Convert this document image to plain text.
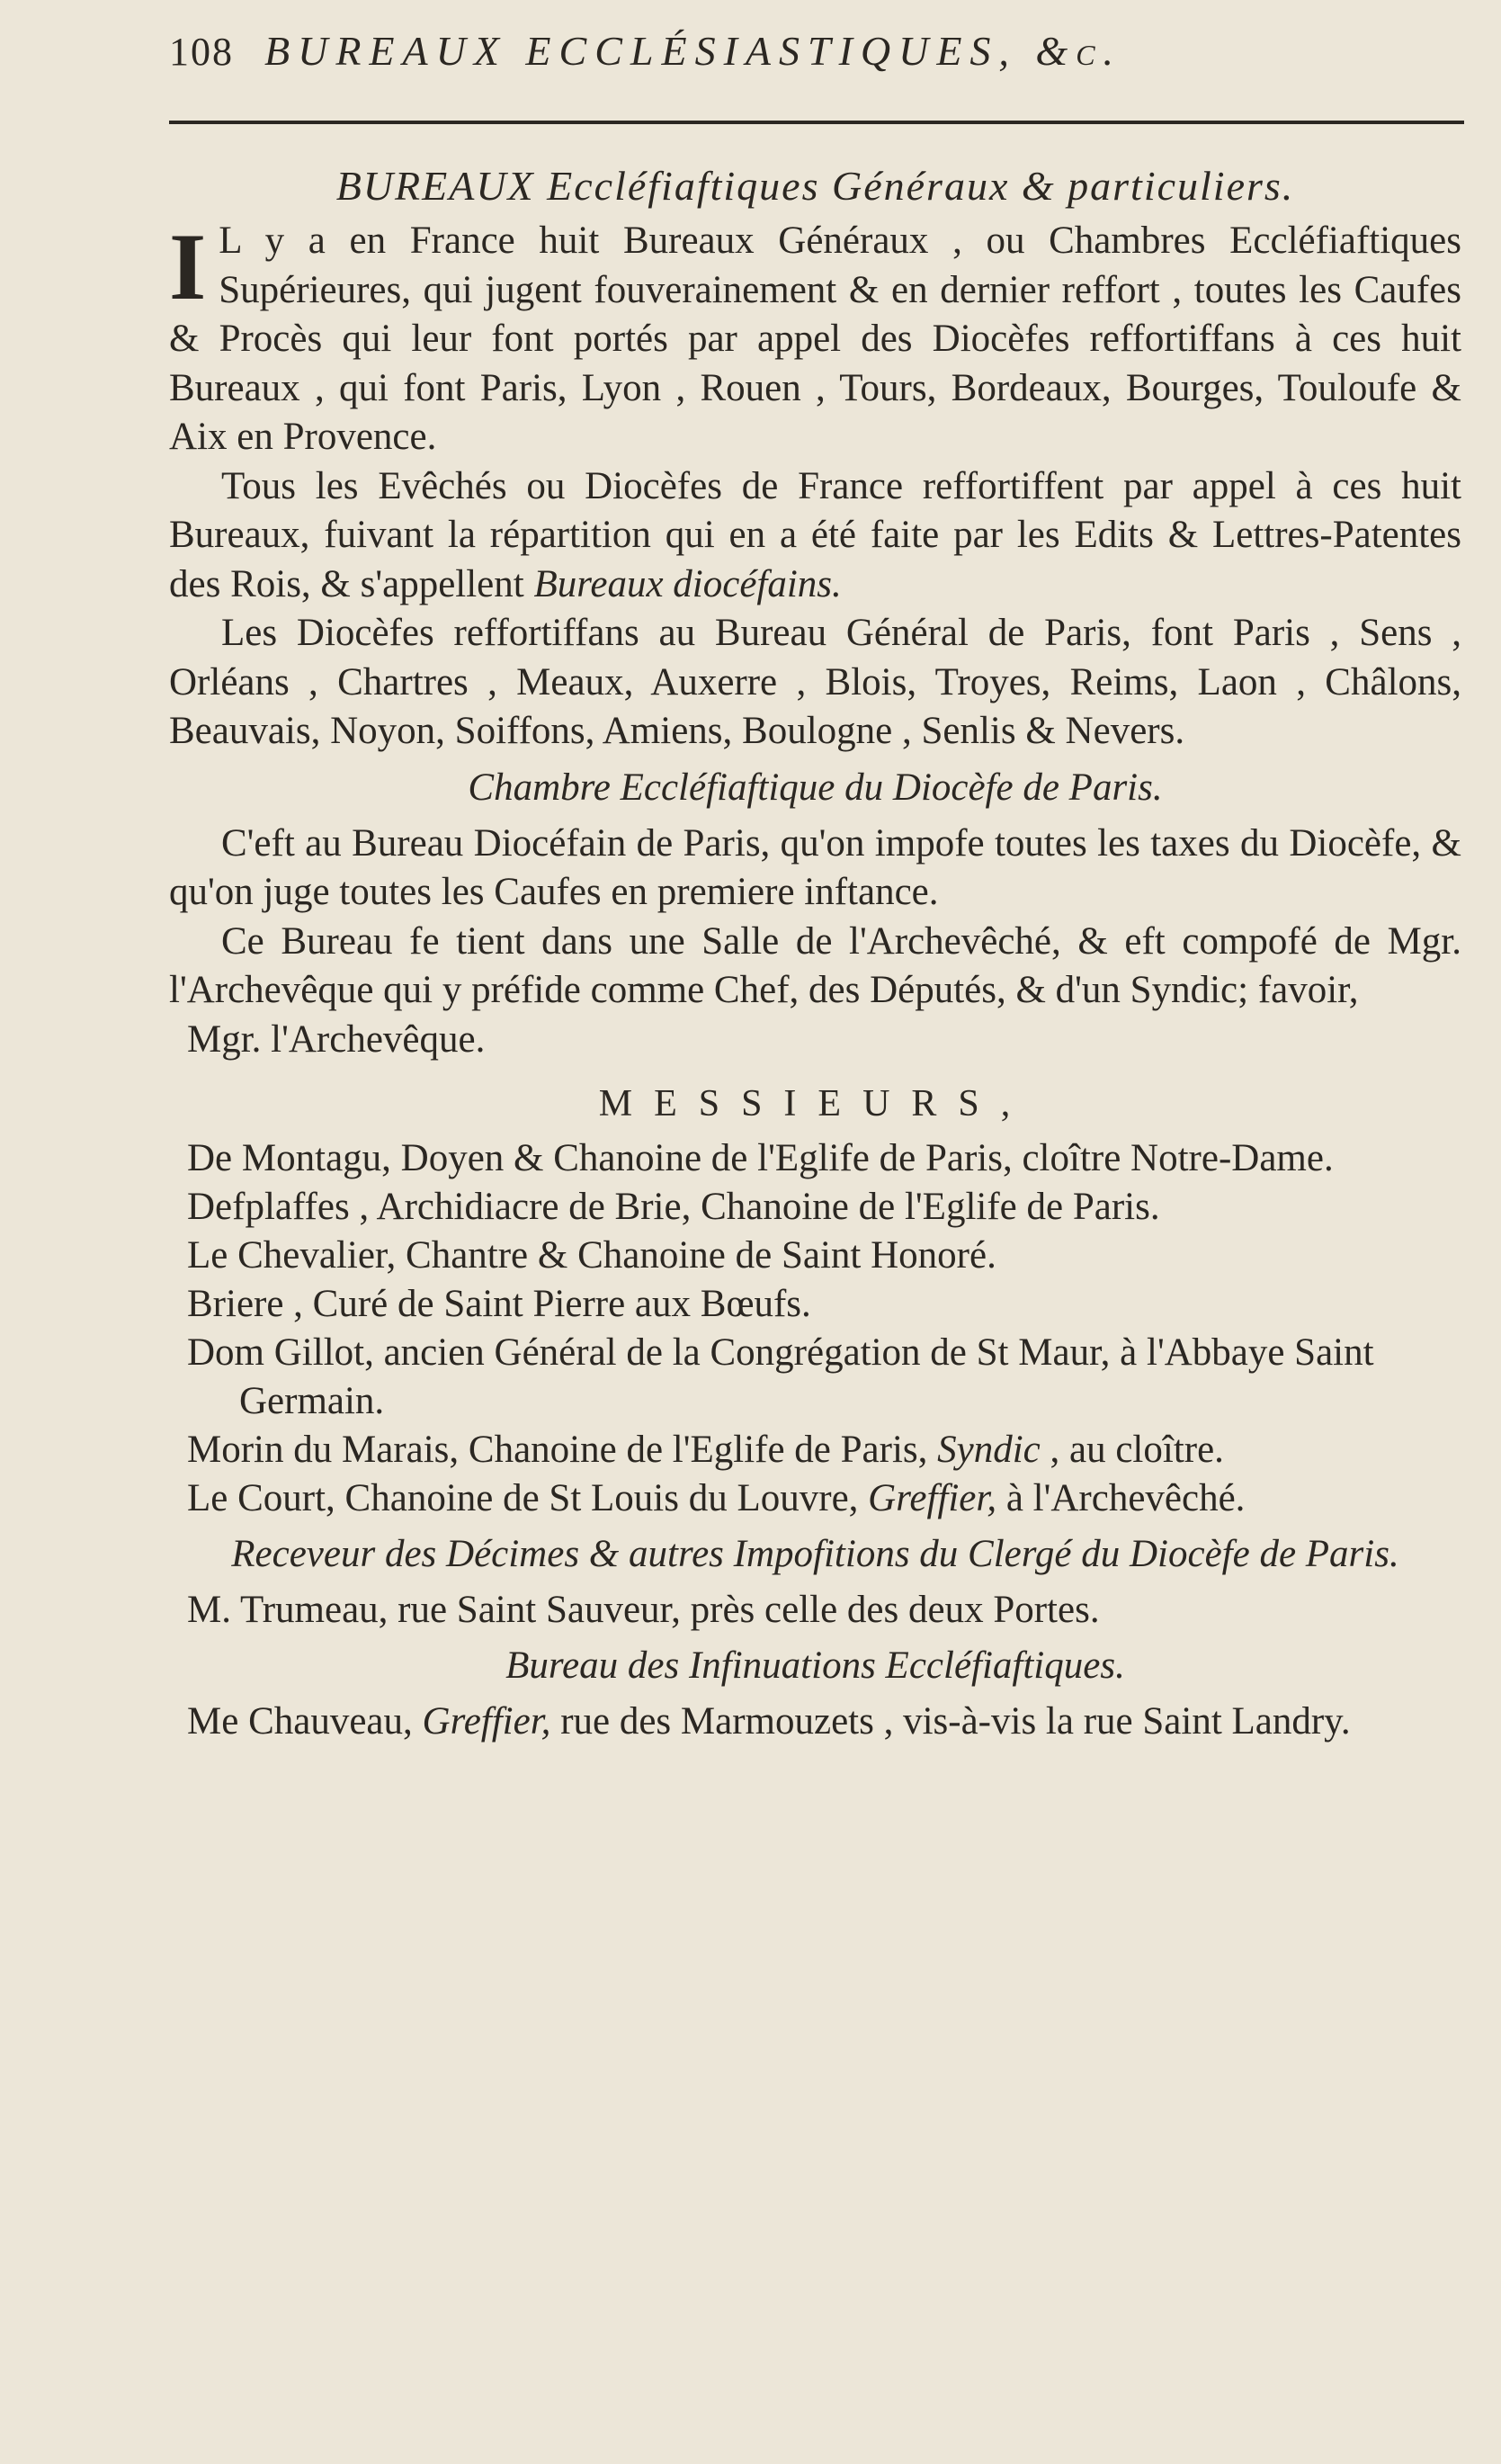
108 BUREAUX ECCLÉSIASTIQUES, &c.
BUREAUX Eccléfiaftiques Généraux & particuliers.

I L y a en France huit Bureaux Généraux , ou Chambres Eccléfiaftiques Supérieures, qui jugent fouverainement & en dernier reffort , toutes les Caufes & Procès qui leur font portés par appel des Diocèfes reffortiffans à ces huit Bureaux , qui font Paris, Lyon , Rouen , Tours, Bordeaux, Bourges, Touloufe & Aix en Provence.

Tous les Evêchés ou Diocèfes de France reffortiffent par appel à ces huit Bureaux, fuivant la répartition qui en a été faite par les Edits & Lettres-Patentes des Rois, & s'appellent Bureaux diocéfains.

Les Diocèfes reffortiffans au Bureau Général de Paris, font Paris , Sens , Orléans , Chartres , Meaux, Auxerre , Blois, Troyes, Reims, Laon , Châlons, Beauvais, Noyon, Soiffons, Amiens, Boulogne , Senlis & Nevers.

Chambre Eccléfiaftique du Diocèfe de Paris.

C'eft au Bureau Diocéfain de Paris, qu'on impofe toutes les taxes du Diocèfe, & qu'on juge toutes les Caufes en premiere inftance.

Ce Bureau fe tient dans une Salle de l'Archevêché, & eft compofé de Mgr. l'Archevêque qui y préfide comme Chef, des Députés, & d'un Syndic; favoir,

Mgr. l'Archevêque.

MESSIEURS,

De Montagu, Doyen & Chanoine de l'Eglife de Paris, cloître Notre-Dame.

Defplaffes , Archidiacre de Brie, Chanoine de l'Eglife de Paris.

Le Chevalier, Chantre & Chanoine de Saint Honoré.

Briere , Curé de Saint Pierre aux Bœufs.

Dom Gillot, ancien Général de la Congrégation de St Maur, à l'Abbaye Saint Germain.

Morin du Marais, Chanoine de l'Eglife de Paris, Syndic , au cloître.

Le Court, Chanoine de St Louis du Louvre, Greffier, à l'Archevêché.

Receveur des Décimes & autres Impofitions du Clergé du Diocèfe de Paris.

M. Trumeau, rue Saint Sauveur, près celle des deux Portes.

Bureau des Infinuations Eccléfiaftiques.

Me Chauveau, Greffier, rue des Marmouzets , vis-à-vis la rue Saint Landry.
